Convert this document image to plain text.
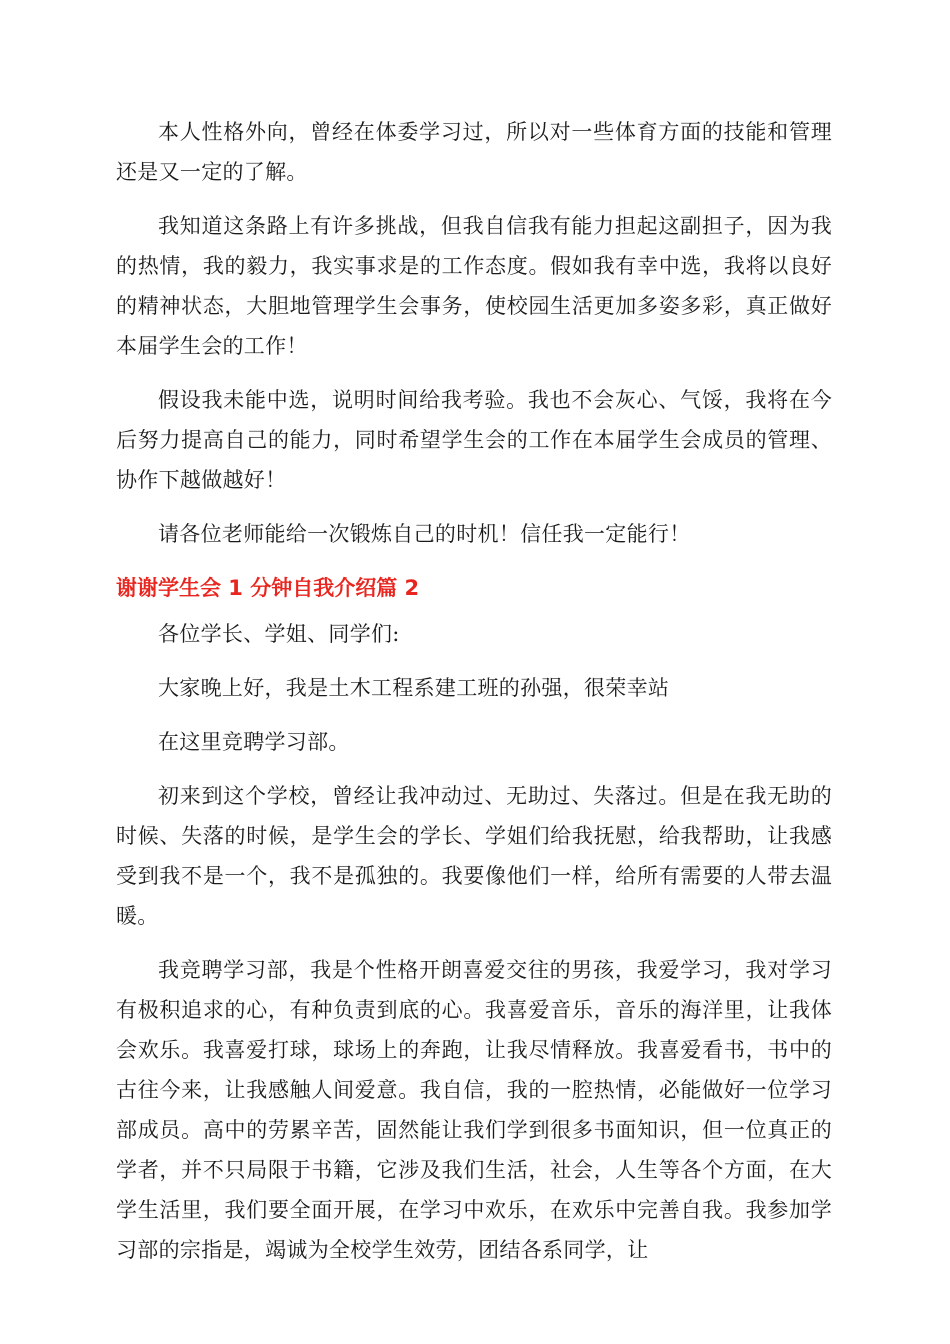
本人性格外向，曾经在体委学习过，所以对一些体育方面的技能和管理还是又一定的了解。

我知道这条路上有许多挑战，但我自信我有能力担起这副担子，因为我的热情，我的毅力，我实事求是的工作态度。假如我有幸中选，我将以良好的精神状态，大胆地管理学生会事务，使校园生活更加多姿多彩，真正做好本届学生会的工作！

假设我未能中选，说明时间给我考验。我也不会灰心、气馁，我将在今后努力提高自己的能力，同时希望学生会的工作在本届学生会成员的管理、协作下越做越好！

请各位老师能给一次锻炼自己的时机！信任我一定能行！

谢谢学生会 1 分钟自我介绍篇 2

各位学长、学姐、同学们:

大家晚上好，我是土木工程系建工班的孙强，很荣幸站

在这里竞聘学习部。

初来到这个学校，曾经让我冲动过、无助过、失落过。但是在我无助的时候、失落的时候，是学生会的学长、学姐们给我抚慰，给我帮助，让我感受到我不是一个，我不是孤独的。我要像他们一样，给所有需要的人带去温暖。

我竞聘学习部，我是个性格开朗喜爱交往的男孩，我爱学习，我对学习有极积追求的心，有种负责到底的心。我喜爱音乐，音乐的海洋里，让我体会欢乐。我喜爱打球，球场上的奔跑，让我尽情释放。我喜爱看书，书中的古往今来，让我感触人间爱意。我自信，我的一腔热情，必能做好一位学习部成员。高中的劳累辛苦，固然能让我们学到很多书面知识，但一位真正的学者，并不只局限于书籍，它涉及我们生活，社会，人生等各个方面，在大学生活里，我们要全面开展，在学习中欢乐，在欢乐中完善自我。我参加学习部的宗指是，竭诚为全校学生效劳，团结各系同学，让
